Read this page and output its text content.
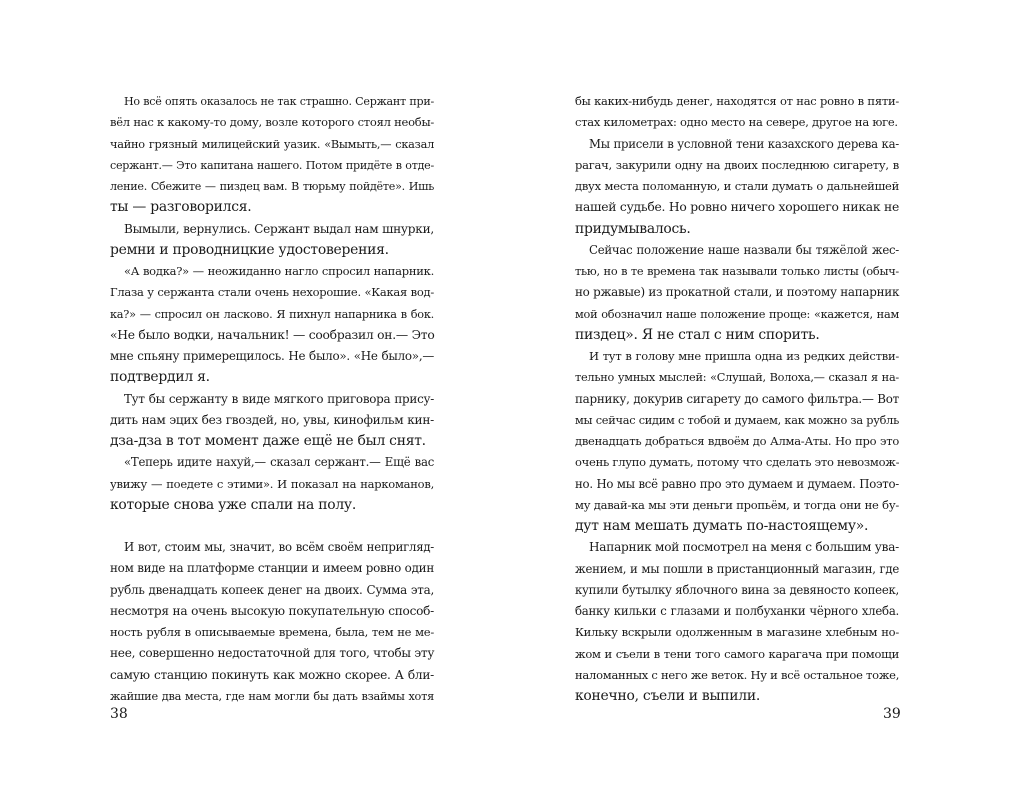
Но всё опять оказалось не так страшно. Сержант при-
вёл нас к какому-то дому, возле которого стоял необы-
чайно грязный милицейский уазик. «Вымыть,— сказал
сержант.— Это капитана нашего. Потом придёте в отде-
ление. Сбежите — пиздец вам. В тюрьму пойдёте». Ишь
ты — разговорился.
Вымыли, вернулись. Сержант выдал нам шнурки,
ремни и проводницкие удостоверения.
«А водка?» — неожиданно нагло спросил напарник.
Глаза у сержанта стали очень нехорошие. «Какая вод-
ка?» — спросил он ласково. Я пихнул напарника в бок.
«Не было водки, начальник! — сообразил он.— Это
мне спьяну примерещилось. Не было». «Не было»,—
подтвердил я.
Тут бы сержанту в виде мягкого приговора прису-
дить нам эцих без гвоздей, но, увы, кинофильм кин-
дза-дза в тот момент даже ещё не был снят.
«Теперь идите нахуй,— сказал сержант.— Ещё вас
увижу — поедете с этими». И показал на наркоманов,
которые снова уже спали на полу.
И вот, стоим мы, значит, во всём своём непригляд-
ном виде на платформе станции и имеем ровно один
рубль двенадцать копеек денег на двоих. Сумма эта,
несмотря на очень высокую покупательную способ-
ность рубля в описываемые времена, была, тем не ме-
нее, совершенно недостаточной для того, чтобы эту
самую станцию покинуть как можно скорее. А бли-
жайшие два места, где нам могли бы дать взаймы хотя
бы каких-нибудь денег, находятся от нас ровно в пяти-
стах километрах: одно место на севере, другое на юге.
Мы присели в условной тени казахского дерева ка-
рагач, закурили одну на двоих последнюю сигарету, в
двух места поломанную, и стали думать о дальнейшей
нашей судьбе. Но ровно ничего хорошего никак не
придумывалось.
Сейчас положение наше назвали бы тяжёлой жес-
тью, но в те времена так называли только листы (обыч-
но ржавые) из прокатной стали, и поэтому напарник
мой обозначил наше положение проще: «кажется, нам
пиздец». Я не стал с ним спорить.
И тут в голову мне пришла одна из редких действи-
тельно умных мыслей: «Слушай, Волоха,— сказал я на-
парнику, докурив сигарету до самого фильтра.— Вот
мы сейчас сидим с тобой и думаем, как можно за рубль
двенадцать добраться вдвоём до Алма-Аты. Но про это
очень глупо думать, потому что сделать это невозмож-
но. Но мы всё равно про это думаем и думаем. Поэто-
му давай-ка мы эти деньги пропьём, и тогда они не бу-
дут нам мешать думать по-настоящему».
Напарник мой посмотрел на меня с большим ува-
жением, и мы пошли в пристанционный магазин, где
купили бутылку яблочного вина за девяносто копеек,
банку кильки с глазами и полбуханки чёрного хлеба.
Кильку вскрыли одолженным в магазине хлебным но-
жом и съели в тени того самого карагача при помощи
наломанных с него же веток. Ну и всё остальное тоже,
конечно, съели и выпили.
38	39
